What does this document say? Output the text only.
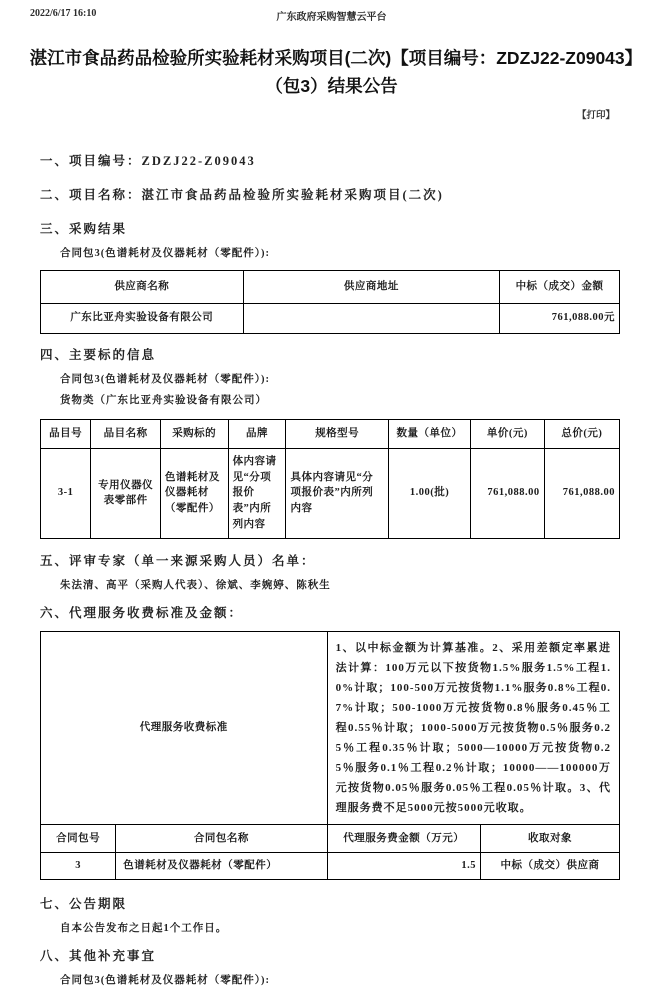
2022/6/17 16:10	广东政府采购智慧云平台
湛江市食品药品检验所实验耗材采购项目(二次)【项目编号：ZDZJ22-Z09043】（包3）结果公告
【打印】
一、项目编号：ZDZJ22-Z09043
二、项目名称：湛江市食品药品检验所实验耗材采购项目(二次)
三、采购结果
合同包3(色谱耗材及仪器耗材（零配件）):
供应商名称	供应商地址	中标（成交）金额
广东比亚舟实验设备有限公司		761,088.00元
四、主要标的信息
合同包3(色谱耗材及仪器耗材（零配件）):
货物类（广东比亚舟实验设备有限公司）
品目号	品目名称	采购标的	品牌	规格型号	数量（单位）	单价(元)	总价(元)
3-1	专用仪器仪表零部件	色谱耗材及仪器耗材（零配件）	体内容请见“分项报价表”内所列内容	具体内容请见“分项报价表”内所列内容	1.00(批)	761,088.00	761,088.00
五、评审专家（单一来源采购人员）名单：
朱法清、高平（采购人代表）、徐斌、李婉婷、陈秋生
六、代理服务收费标准及金额：
代理服务收费标准		1、以中标金额为计算基准。2、采用差额定率累进法计算：100万元以下按货物1.5%服务1.5%工程1.0%计取；100-500万元按货物1.1%服务0.8%工程0.7%计取；500-1000万元按货物0.8％服务0.45％工程0.55％计取；1000-5000万元按货物0.5％服务0.25％工程0.35％计取；5000—10000万元按货物0.25％服务0.1％工程0.2％计取；10000——100000万元按货物0.05％服务0.05％工程0.05％计取。3、代理服务费不足5000元按5000元收取。	
合同包号	合同包名称	代理服务费金额（万元）	收取对象
3	色谱耗材及仪器耗材（零配件）	1.5	中标（成交）供应商
七、公告期限
自本公告发布之日起1个工作日。
八、其他补充事宜
合同包3(色谱耗材及仪器耗材（零配件）):
